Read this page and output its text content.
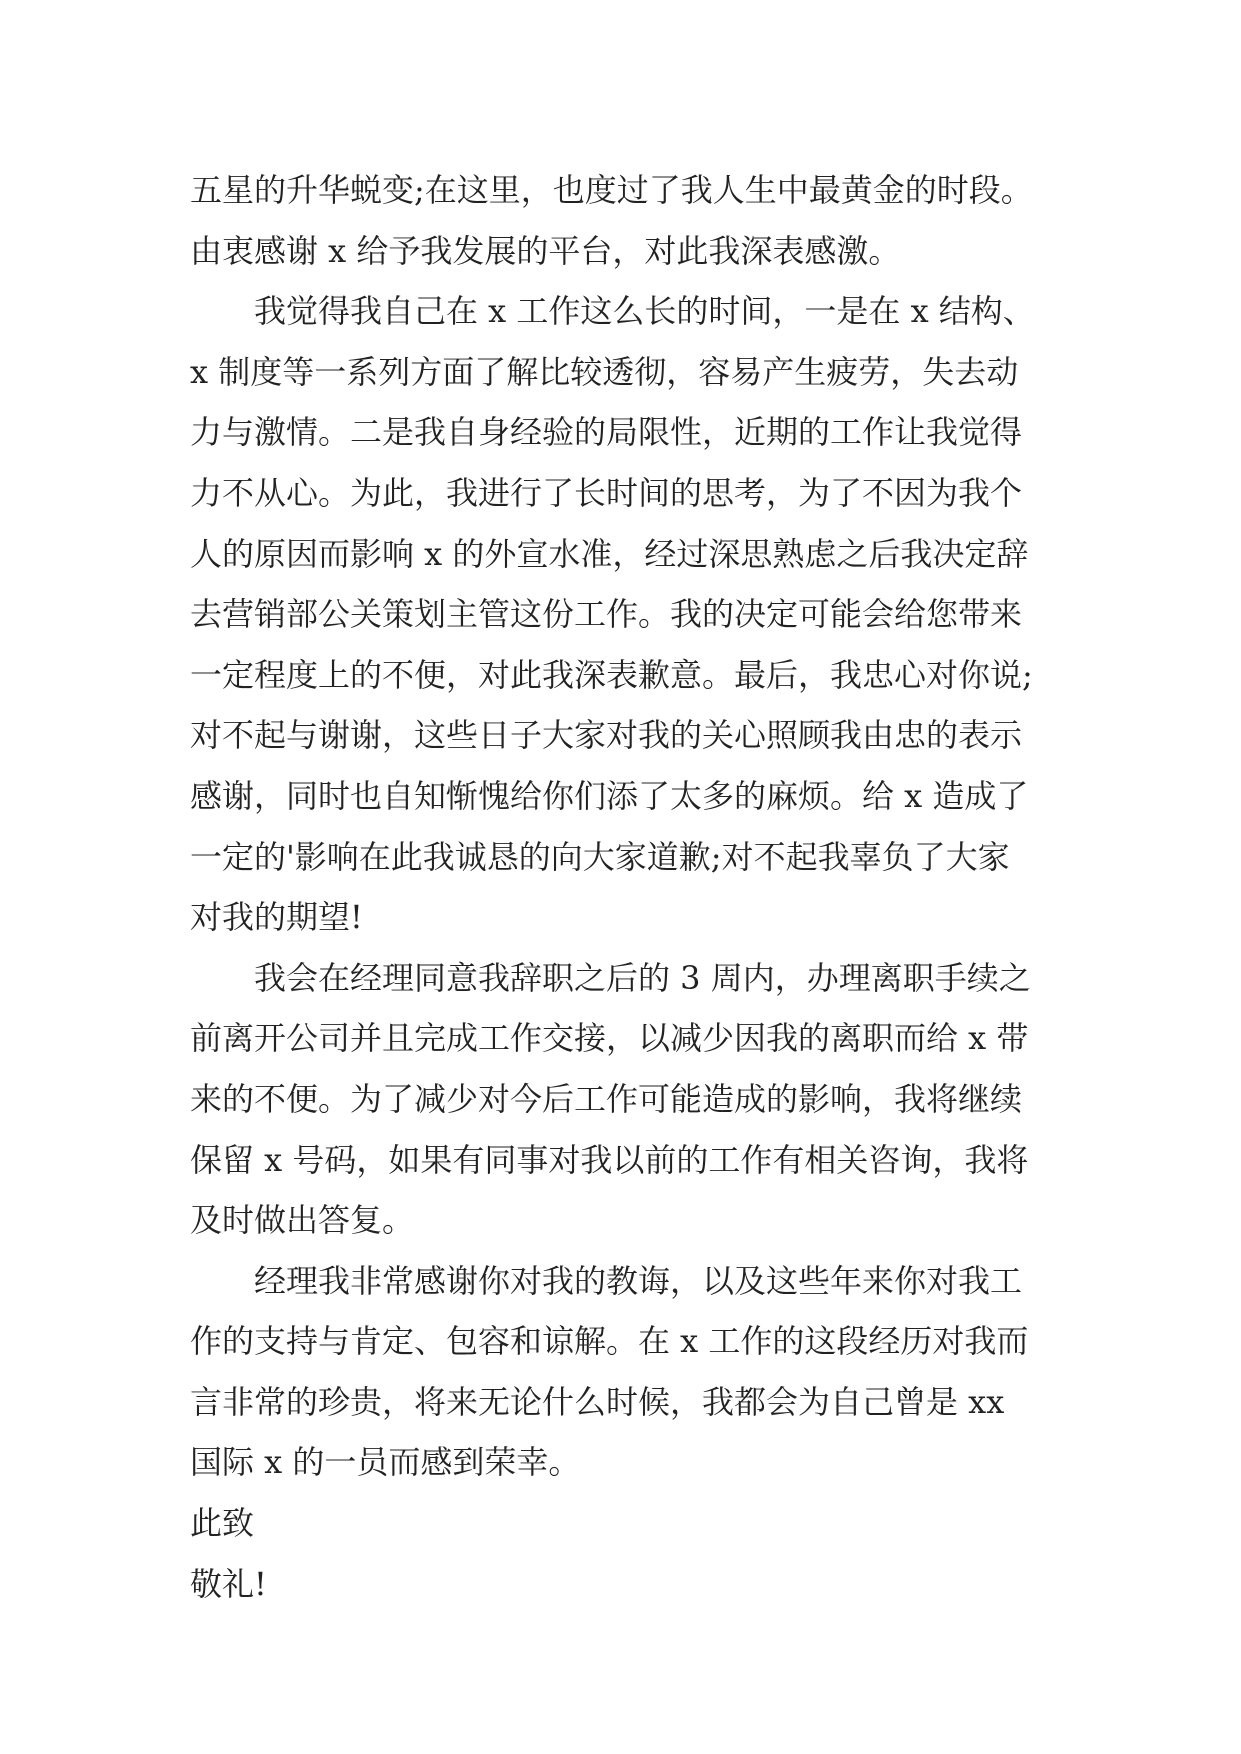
五星的升华蜕变;在这里，也度过了我人生中最黄金的时段。
由衷感谢 x 给予我发展的平台，对此我深表感激。
我觉得我自己在 x 工作这么长的时间，一是在 x 结构、
x 制度等一系列方面了解比较透彻，容易产生疲劳，失去动
力与激情。二是我自身经验的局限性，近期的工作让我觉得
力不从心。为此，我进行了长时间的思考，为了不因为我个
人的原因而影响 x 的外宣水准，经过深思熟虑之后我决定辞
去营销部公关策划主管这份工作。我的决定可能会给您带来
一定程度上的不便，对此我深表歉意。最后，我忠心对你说;
对不起与谢谢，这些日子大家对我的关心照顾我由忠的表示
感谢，同时也自知惭愧给你们添了太多的麻烦。给 x 造成了
一定的'影响在此我诚恳的向大家道歉;对不起我辜负了大家
对我的期望!
我会在经理同意我辞职之后的 3 周内，办理离职手续之
前离开公司并且完成工作交接，以减少因我的离职而给 x 带
来的不便。为了减少对今后工作可能造成的影响，我将继续
保留 x 号码，如果有同事对我以前的工作有相关咨询，我将
及时做出答复。
经理我非常感谢你对我的教诲，以及这些年来你对我工
作的支持与肯定、包容和谅解。在 x 工作的这段经历对我而
言非常的珍贵，将来无论什么时候，我都会为自己曾是 xx
国际 x 的一员而感到荣幸。
此致
敬礼!
